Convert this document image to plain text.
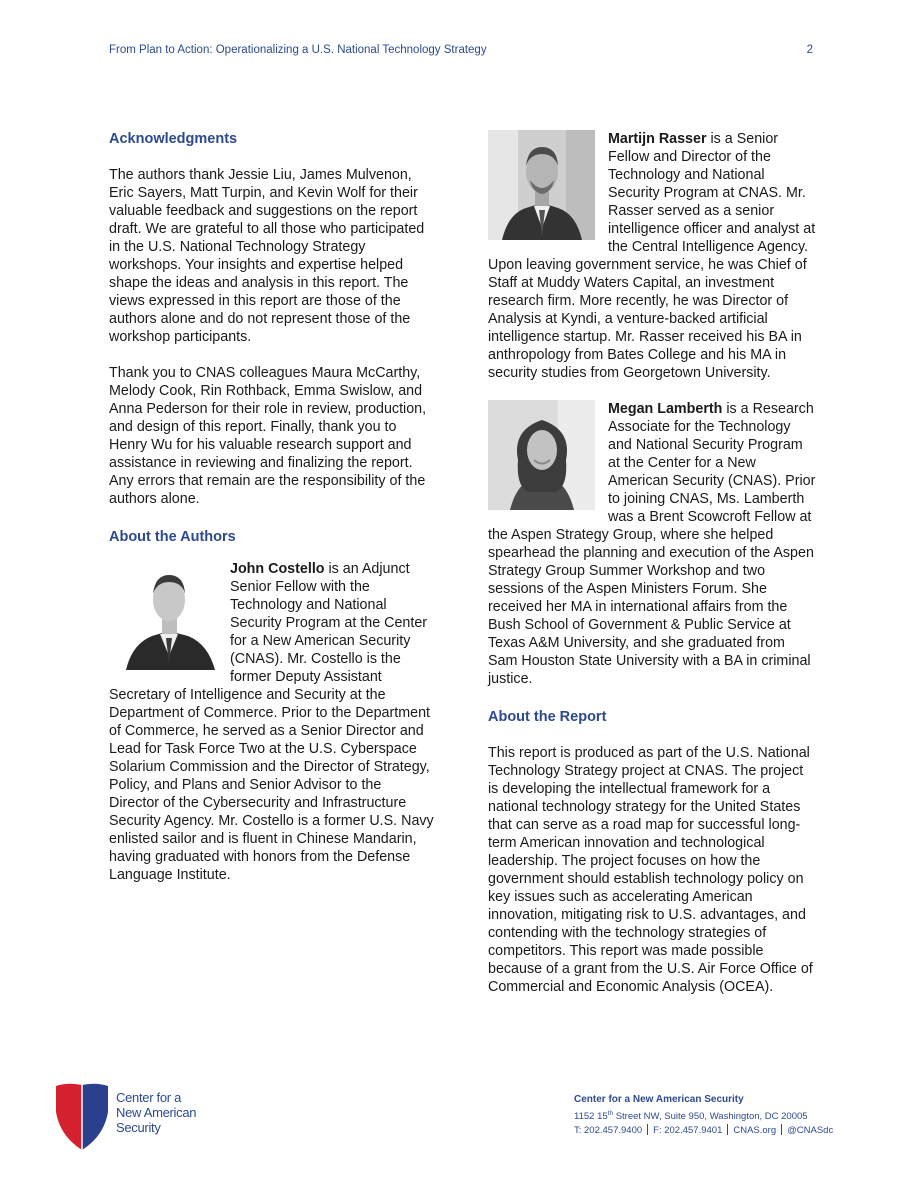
From Plan to Action: Operationalizing a U.S. National Technology Strategy	2
Acknowledgments

The authors thank Jessie Liu, James Mulvenon, Eric Sayers, Matt Turpin, and Kevin Wolf for their valuable feedback and suggestions on the report draft. We are grateful to all those who participated in the U.S. National Technology Strategy workshops. Your insights and expertise helped shape the ideas and analysis in this report. The views expressed in this report are those of the authors alone and do not represent those of the workshop participants.

Thank you to CNAS colleagues Maura McCarthy, Melody Cook, Rin Rothback, Emma Swislow, and Anna Pederson for their role in review, production, and design of this report. Finally, thank you to Henry Wu for his valuable research support and assistance in reviewing and finalizing the report. Any errors that remain are the responsibility of the authors alone.

About the Authors

John Costello is an Adjunct Senior Fellow with the Technology and National Security Program at the Center for a New American Security (CNAS). Mr. Costello is the former Deputy Assistant Secretary of Intelligence and Security at the Department of Commerce. Prior to the Department of Commerce, he served as a Senior Director and Lead for Task Force Two at the U.S. Cyberspace Solarium Commission and the Director of Strategy, Policy, and Plans and Senior Advisor to the Director of the Cybersecurity and Infrastructure Security Agency. Mr. Costello is a former U.S. Navy enlisted sailor and is fluent in Chinese Mandarin, having graduated with honors from the Defense Language Institute.

Martijn Rasser is a Senior Fellow and Director of the Technology and National Security Program at CNAS. Mr. Rasser served as a senior intelligence officer and analyst at the Central Intelligence Agency. Upon leaving government service, he was Chief of Staff at Muddy Waters Capital, an investment research firm. More recently, he was Director of Analysis at Kyndi, a venture-backed artificial intelligence startup. Mr. Rasser received his BA in anthropology from Bates College and his MA in security studies from Georgetown University.

Megan Lamberth is a Research Associate for the Technology and National Security Program at the Center for a New American Security (CNAS). Prior to joining CNAS, Ms. Lamberth was a Brent Scowcroft Fellow at the Aspen Strategy Group, where she helped spearhead the planning and execution of the Aspen Strategy Group Summer Workshop and two sessions of the Aspen Ministers Forum. She received her MA in international affairs from the Bush School of Government & Public Service at Texas A&M University, and she graduated from Sam Houston State University with a BA in criminal justice.

About the Report

This report is produced as part of the U.S. National Technology Strategy project at CNAS. The project is developing the intellectual framework for a national technology strategy for the United States that can serve as a road map for successful long-term American innovation and technological leadership. The project focuses on how the government should establish technology policy on key issues such as accelerating American innovation, mitigating risk to U.S. advantages, and contending with the technology strategies of competitors. This report was made possible because of a grant from the U.S. Air Force Office of Commercial and Economic Analysis (OCEA).

Center for a
New American
Security
Center for a New American Security
1152 15th Street NW, Suite 950, Washington, DC 20005
T: 202.457.9400 F: 202.457.9401 CNAS.org @CNASdc
